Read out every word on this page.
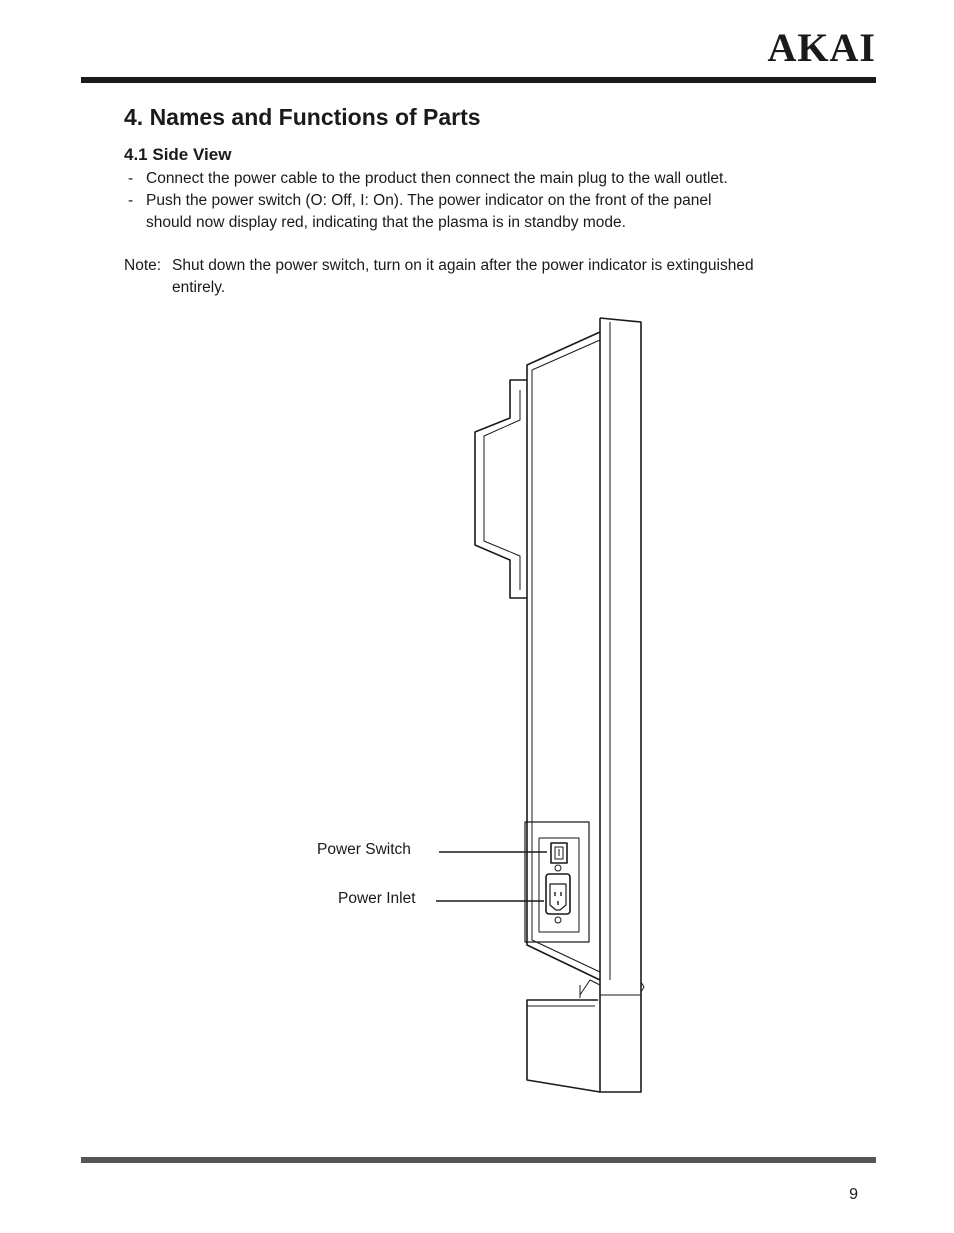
AKAI
4. Names and Functions of Parts
4.1 Side View
- Connect the power cable to the product then connect the main plug to the wall outlet.
- Push the power switch (O: Off, I: On). The power indicator on the front of the panel
should now display red, indicating that the plasma is in standby mode.
Note: Shut down the power switch, turn on it again after the power indicator is extinguished
entirely.
Power Switch
Power Inlet
9
